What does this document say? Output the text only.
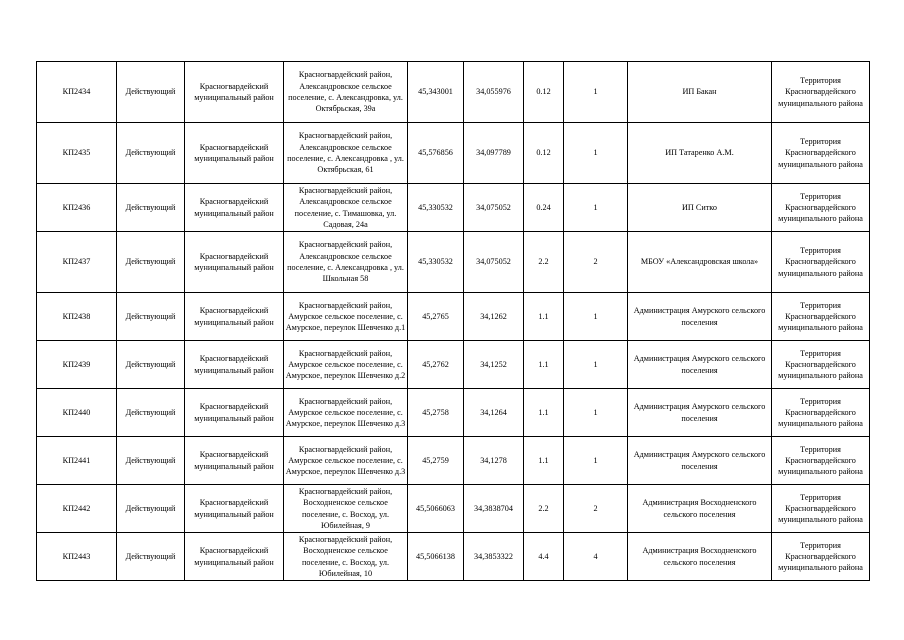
КП2434	Действующий	Красногвардейский муниципальный район	Красногвардейский район, Александровское сельское поселение, с. Александровка, ул. Октябрьская, 39а	45,343001	34,055976	0.12	1	ИП Бакан	Территория Красногвардейского муниципального района
КП2435	Действующий	Красногвардейский муниципальный район	Красногвардейский район, Александровское сельское поселение, с. Александровка , ул. Октябрьская, 61	45,576856	34,097789	0.12	1	ИП Татаренко А.М.	Территория Красногвардейского муниципального района
КП2436	Действующий	Красногвардейский муниципальный район	Красногвардейский район, Александровское сельское поселение, с. Тимашовка, ул. Садовая, 24а	45,330532	34,075052	0.24	1	ИП Ситко	Территория Красногвардейского муниципального района
КП2437	Действующий	Красногвардейский муниципальный район	Красногвардейский район, Александровское сельское поселение, с. Александровка , ул. Школьная 58	45,330532	34,075052	2.2	2	МБОУ «Александровская школа»	Территория Красногвардейского муниципального района
КП2438	Действующий	Красногвардейский муниципальный район	Красногвардейский район, Амурское сельское поселение, с. Амурское, переулок Шевченко д.1	45,2765	34,1262	1.1	1	Администрация Амурского сельского поселения	Территория Красногвардейского муниципального района
КП2439	Действующий	Красногвардейский муниципальный район	Красногвардейский район, Амурское сельское поселение, с. Амурское, переулок Шевченко д.2	45,2762	34,1252	1.1	1	Администрация Амурского сельского поселения	Территория Красногвардейского муниципального района
КП2440	Действующий	Красногвардейский муниципальный район	Красногвардейский район, Амурское сельское поселение, с. Амурское, переулок Шевченко д.3	45,2758	34,1264	1.1	1	Администрация Амурского сельского поселения	Территория Красногвардейского муниципального района
КП2441	Действующий	Красногвардейский муниципальный район	Красногвардейский район, Амурское сельское поселение, с. Амурское, переулок Шевченко д.3	45,2759	34,1278	1.1	1	Администрация Амурского сельского поселения	Территория Красногвардейского муниципального района
КП2442	Действующий	Красногвардейский муниципальный район	Красногвардейский район, Восходненское сельское поселение, с. Восход, ул. Юбилейная, 9	45,5066063	34,3838704	2.2	2	Администрация Восходненского сельского поселения	Территория Красногвардейского муниципального района
КП2443	Действующий	Красногвардейский муниципальный район	Красногвардейский район, Восходненское сельское поселение, с. Восход, ул. Юбилейная, 10	45,5066138	34,3853322	4.4	4	Администрация Восходненского сельского поселения	Территория Красногвардейского муниципального района
